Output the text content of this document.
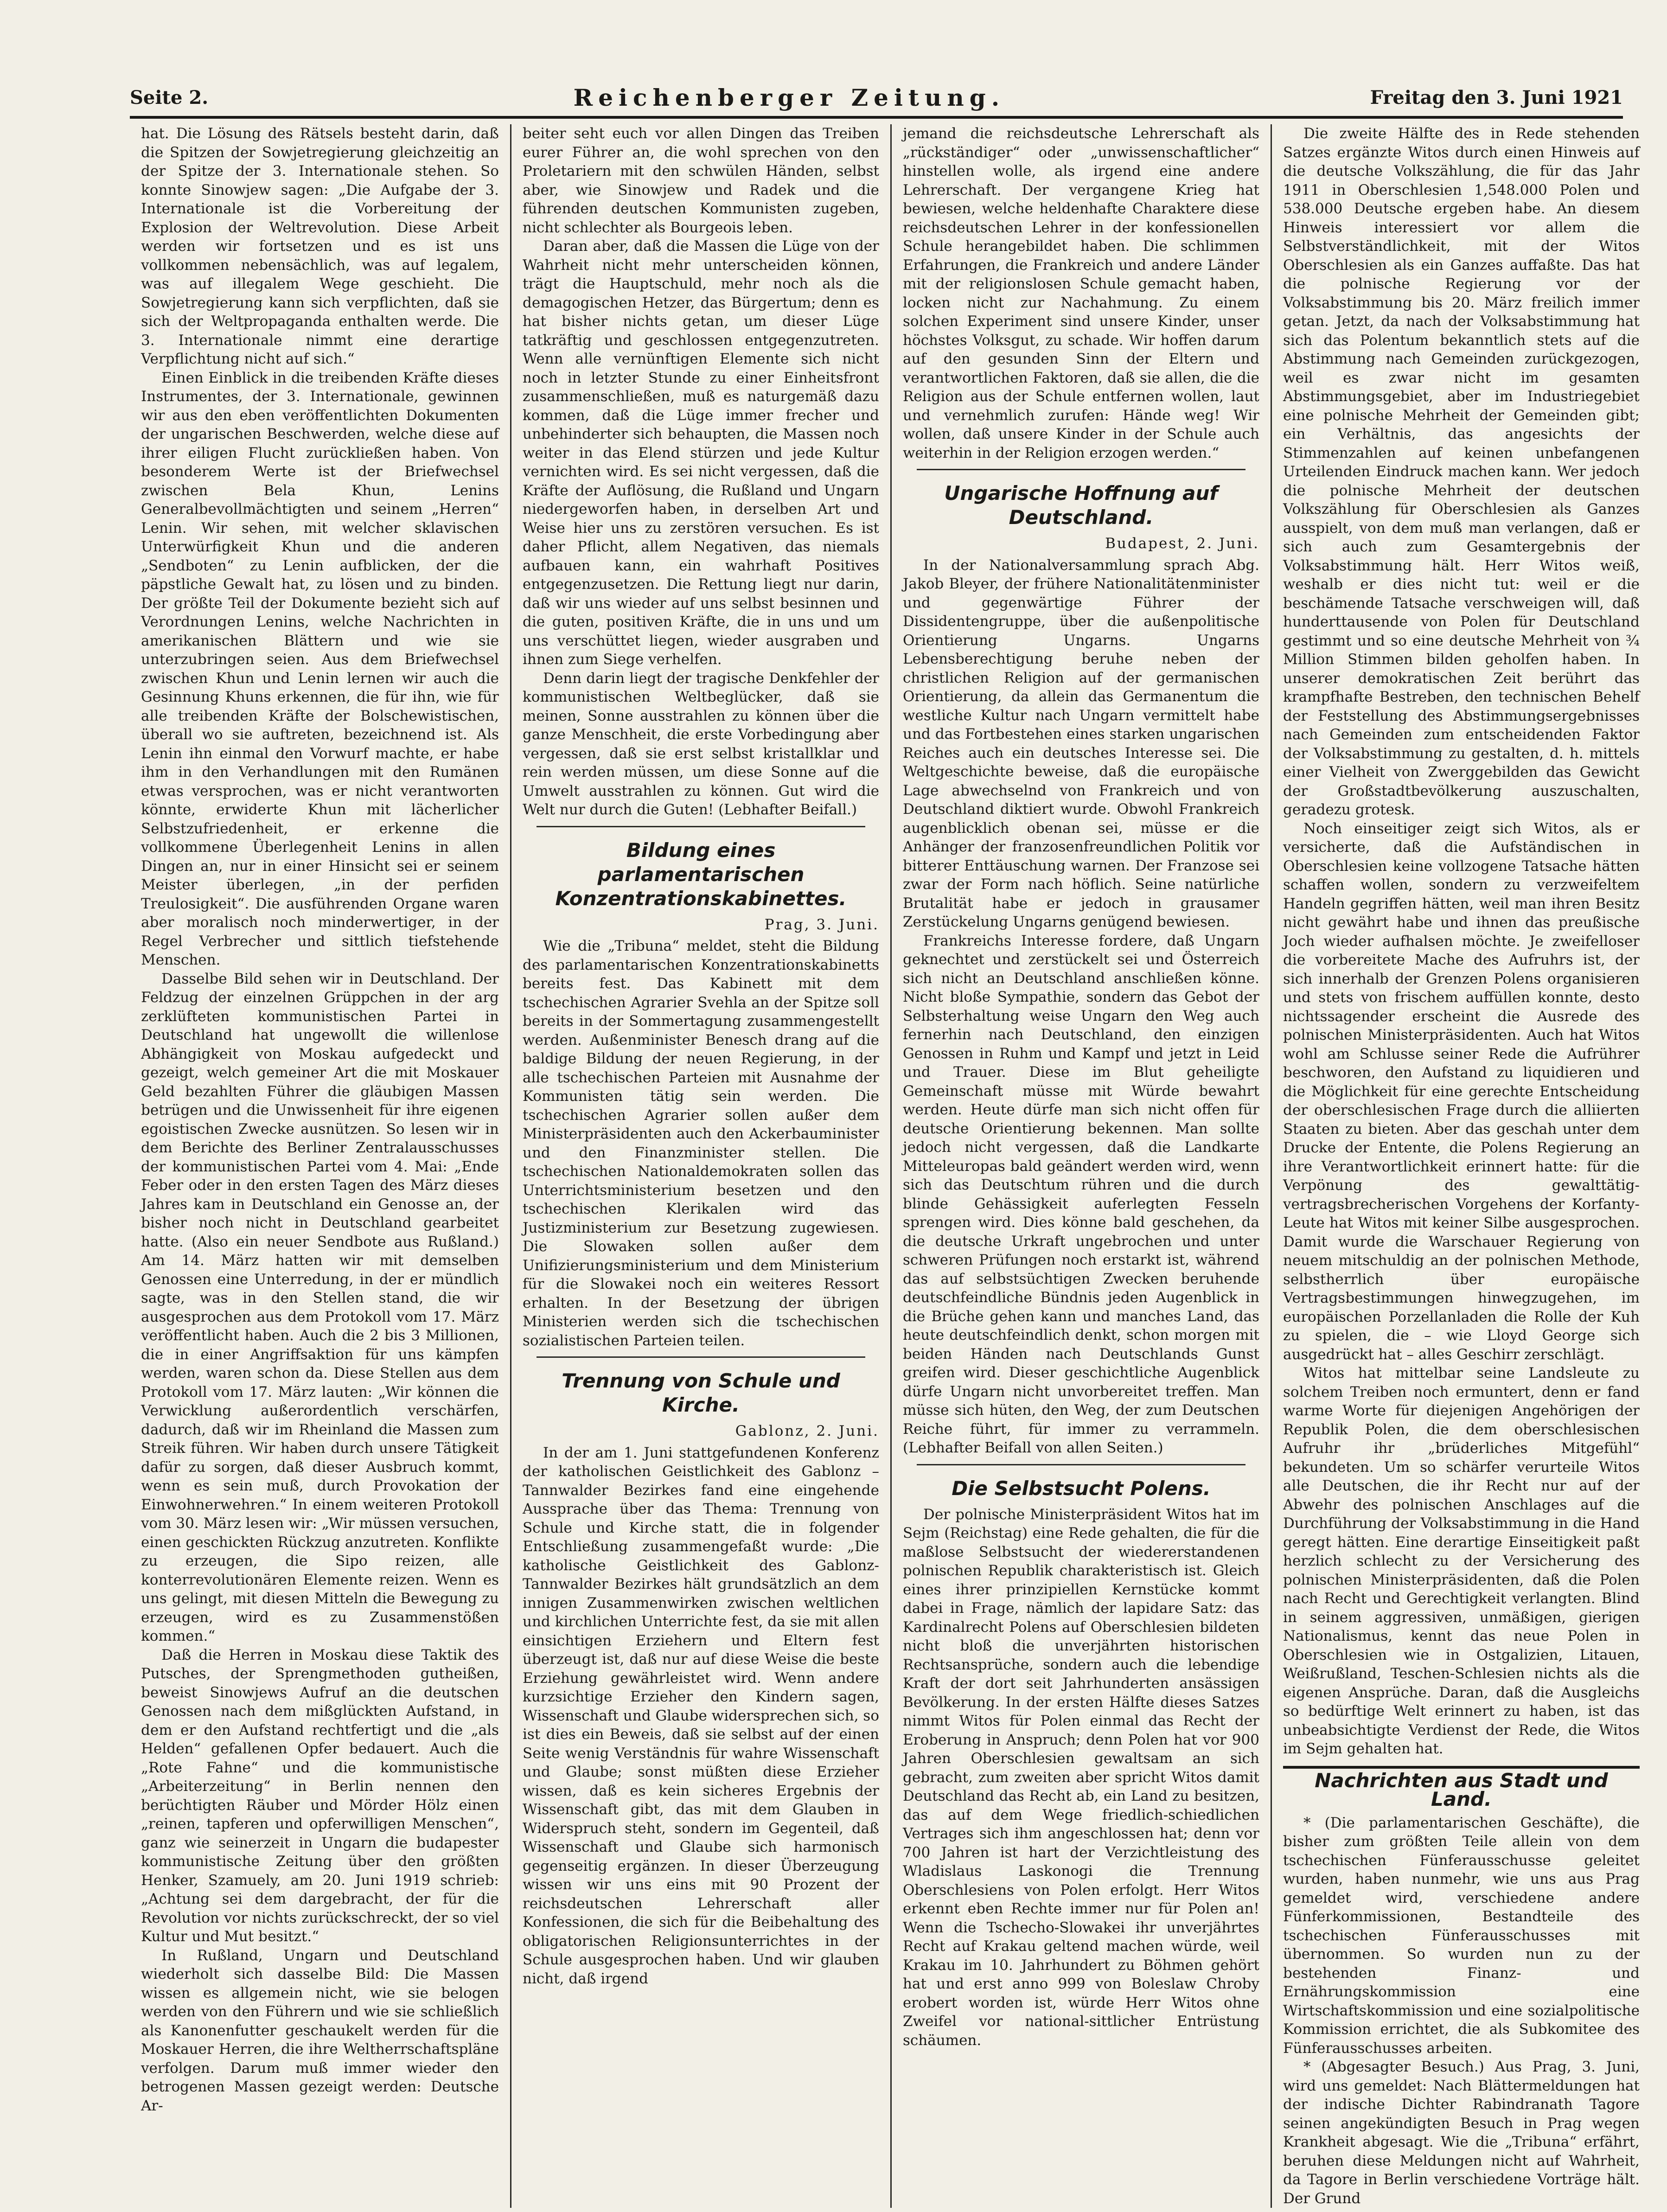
Seite 2.	Reichenberger Zeitung.	Freitag den 3. Juni 1921

hat. Die Lösung des Rätsels besteht darin, daß die Spitzen der Sowjetregierung gleichzeitig an der Spitze der 3. Internationale stehen. So konnte Sinowjew sagen: „Die Aufgabe der 3. Internationale ist die Vorbereitung der Explosion der Weltrevolution. Diese Arbeit werden wir fortsetzen und es ist uns vollkommen nebensächlich, was auf legalem, was auf illegalem Wege geschieht. Die Sowjetregierung kann sich verpflichten, daß sie sich der Weltpropaganda enthalten werde. Die 3. Internationale nimmt eine derartige Verpflichtung nicht auf sich.“

Einen Einblick in die treibenden Kräfte dieses Instrumentes, der 3. Internationale, gewinnen wir aus den eben veröffentlichten Dokumenten der ungarischen Beschwerden, welche diese auf ihrer eiligen Flucht zurückließen haben. Von besonderem Werte ist der Briefwechsel zwischen Bela Khun, Lenins Generalbevollmächtigten und seinem „Herren“ Lenin. Wir sehen, mit welcher sklavischen Unterwürfigkeit Khun und die anderen „Sendboten“ zu Lenin aufblicken, der die päpstliche Gewalt hat, zu lösen und zu binden. Der größte Teil der Dokumente bezieht sich auf Verordnungen Lenins, welche Nachrichten in amerikanischen Blättern und wie sie unterzubringen seien. Aus dem Briefwechsel zwischen Khun und Lenin lernen wir auch die Gesinnung Khuns erkennen, die für ihn, wie für alle treibenden Kräfte der Bolschewistischen, überall wo sie auftreten, bezeichnend ist. Als Lenin ihn einmal den Vorwurf machte, er habe ihm in den Verhandlungen mit den Rumänen etwas versprochen, was er nicht verantworten könnte, erwiderte Khun mit lächerlicher Selbstzufriedenheit, er erkenne die vollkommene Überlegenheit Lenins in allen Dingen an, nur in einer Hinsicht sei er seinem Meister überlegen, „in der perfiden Treulosigkeit“. Die ausführenden Organe waren aber moralisch noch minderwertiger, in der Regel Verbrecher und sittlich tiefstehende Menschen.

Dasselbe Bild sehen wir in Deutschland. Der Feldzug der einzelnen Grüppchen in der arg zerklüfteten kommunistischen Partei in Deutschland hat ungewollt die willenlose Abhängigkeit von Moskau aufgedeckt und gezeigt, welch gemeiner Art die mit Moskauer Geld bezahlten Führer die gläubigen Massen betrügen und die Unwissenheit für ihre eigenen egoistischen Zwecke ausnützen. So lesen wir in dem Berichte des Berliner Zentralausschusses der kommunistischen Partei vom 4. Mai: „Ende Feber oder in den ersten Tagen des März dieses Jahres kam in Deutschland ein Genosse an, der bisher noch nicht in Deutschland gearbeitet hatte. (Also ein neuer Sendbote aus Rußland.) Am 14. März hatten wir mit demselben Genossen eine Unterredung, in der er mündlich sagte, was in den Stellen stand, die wir ausgesprochen aus dem Protokoll vom 17. März veröffentlicht haben. Auch die 2 bis 3 Millionen, die in einer Angriffsaktion für uns kämpfen werden, waren schon da. Diese Stellen aus dem Protokoll vom 17. März lauten: „Wir können die Verwicklung außerordentlich verschärfen, dadurch, daß wir im Rheinland die Massen zum Streik führen. Wir haben durch unsere Tätigkeit dafür zu sorgen, daß dieser Ausbruch kommt, wenn es sein muß, durch Provokation der Einwohnerwehren.“ In einem weiteren Protokoll vom 30. März lesen wir: „Wir müssen versuchen, einen geschickten Rückzug anzutreten. Konflikte zu erzeugen, die Sipo reizen, alle konterrevolutionären Elemente reizen. Wenn es uns gelingt, mit diesen Mitteln die Bewegung zu erzeugen, wird es zu Zusammenstößen kommen.“

Daß die Herren in Moskau diese Taktik des Putsches, der Sprengmethoden gutheißen, beweist Sinowjews Aufruf an die deutschen Genossen nach dem mißglückten Aufstand, in dem er den Aufstand rechtfertigt und die „als Helden“ gefallenen Opfer bedauert. Auch die „Rote Fahne“ und die kommunistische „Arbeiterzeitung“ in Berlin nennen den berüchtigten Räuber und Mörder Hölz einen „reinen, tapferen und opferwilligen Menschen“, ganz wie seinerzeit in Ungarn die budapester kommunistische Zeitung über den größten Henker, Szamuely, am 20. Juni 1919 schrieb: „Achtung sei dem dargebracht, der für die Revolution vor nichts zurückschreckt, der so viel Kultur und Mut besitzt.“

In Rußland, Ungarn und Deutschland wiederholt sich dasselbe Bild: Die Massen wissen es allgemein nicht, wie sie belogen werden von den Führern und wie sie schließlich als Kanonenfutter geschaukelt werden für die Moskauer Herren, die ihre Weltherrschaftspläne verfolgen. Darum muß immer wieder den betrogenen Massen gezeigt werden: Deutsche Ar-

beiter seht euch vor allen Dingen das Treiben eurer Führer an, die wohl sprechen von den Proletariern mit den schwülen Händen, selbst aber, wie Sinowjew und Radek und die führenden deutschen Kommunisten zugeben, nicht schlechter als Bourgeois leben.

Daran aber, daß die Massen die Lüge von der Wahrheit nicht mehr unterscheiden können, trägt die Hauptschuld, mehr noch als die demagogischen Hetzer, das Bürgertum; denn es hat bisher nichts getan, um dieser Lüge tatkräftig und geschlossen entgegenzutreten. Wenn alle vernünftigen Elemente sich nicht noch in letzter Stunde zu einer Einheitsfront zusammenschließen, muß es naturgemäß dazu kommen, daß die Lüge immer frecher und unbehinderter sich behaupten, die Massen noch weiter in das Elend stürzen und jede Kultur vernichten wird. Es sei nicht vergessen, daß die Kräfte der Auflösung, die Rußland und Ungarn niedergeworfen haben, in derselben Art und Weise hier uns zu zerstören versuchen. Es ist daher Pflicht, allem Negativen, das niemals aufbauen kann, ein wahrhaft Positives entgegenzusetzen. Die Rettung liegt nur darin, daß wir uns wieder auf uns selbst besinnen und die guten, positiven Kräfte, die in uns und um uns verschüttet liegen, wieder ausgraben und ihnen zum Siege verhelfen.

Denn darin liegt der tragische Denkfehler der kommunistischen Weltbeglücker, daß sie meinen, Sonne ausstrahlen zu können über die ganze Menschheit, die erste Vorbedingung aber vergessen, daß sie erst selbst kristallklar und rein werden müssen, um diese Sonne auf die Umwelt ausstrahlen zu können. Gut wird die Welt nur durch die Guten! (Lebhafter Beifall.)

Bildung eines parlamentarischen Konzentrationskabinettes.
Prag, 3. Juni.

Wie die „Tribuna“ meldet, steht die Bildung des parlamentarischen Konzentrationskabinetts bereits fest. Das Kabinett mit dem tschechischen Agrarier Svehla an der Spitze soll bereits in der Sommertagung zusammengestellt werden. Außenminister Benesch drang auf die baldige Bildung der neuen Regierung, in der alle tschechischen Parteien mit Ausnahme der Kommunisten tätig sein werden. Die tschechischen Agrarier sollen außer dem Ministerpräsidenten auch den Ackerbauminister und den Finanzminister stellen. Die tschechischen Nationaldemokraten sollen das Unterrichtsministerium besetzen und den tschechischen Klerikalen wird das Justizministerium zur Besetzung zugewiesen. Die Slowaken sollen außer dem Unifizierungsministerium und dem Ministerium für die Slowakei noch ein weiteres Ressort erhalten. In der Besetzung der übrigen Ministerien werden sich die tschechischen sozialistischen Parteien teilen.

Trennung von Schule und Kirche.
Gablonz, 2. Juni.

In der am 1. Juni stattgefundenen Konferenz der katholischen Geistlichkeit des Gablonz – Tannwalder Bezirkes fand eine eingehende Aussprache über das Thema: Trennung von Schule und Kirche statt, die in folgender Entschließung zusammengefaßt wurde: „Die katholische Geistlichkeit des Gablonz-Tannwalder Bezirkes hält grundsätzlich an dem innigen Zusammenwirken zwischen weltlichen und kirchlichen Unterrichte fest, da sie mit allen einsichtigen Erziehern und Eltern fest überzeugt ist, daß nur auf diese Weise die beste Erziehung gewährleistet wird. Wenn andere kurzsichtige Erzieher den Kindern sagen, Wissenschaft und Glaube widersprechen sich, so ist dies ein Beweis, daß sie selbst auf der einen Seite wenig Verständnis für wahre Wissenschaft und Glaube; sonst müßten diese Erzieher wissen, daß es kein sicheres Ergebnis der Wissenschaft gibt, das mit dem Glauben in Widerspruch steht, sondern im Gegenteil, daß Wissenschaft und Glaube sich harmonisch gegenseitig ergänzen. In dieser Überzeugung wissen wir uns eins mit 90 Prozent der reichsdeutschen Lehrerschaft aller Konfessionen, die sich für die Beibehaltung des obligatorischen Religionsunterrichtes in der Schule ausgesprochen haben. Und wir glauben nicht, daß irgend

jemand die reichsdeutsche Lehrerschaft als „rückständiger“ oder „unwissenschaftlicher“ hinstellen wolle, als irgend eine andere Lehrerschaft. Der vergangene Krieg hat bewiesen, welche heldenhafte Charaktere diese reichsdeutschen Lehrer in der konfessionellen Schule herangebildet haben. Die schlimmen Erfahrungen, die Frankreich und andere Länder mit der religionslosen Schule gemacht haben, locken nicht zur Nachahmung. Zu einem solchen Experiment sind unsere Kinder, unser höchstes Volksgut, zu schade. Wir hoffen darum auf den gesunden Sinn der Eltern und verantwortlichen Faktoren, daß sie allen, die die Religion aus der Schule entfernen wollen, laut und vernehmlich zurufen: Hände weg! Wir wollen, daß unsere Kinder in der Schule auch weiterhin in der Religion erzogen werden.“

Ungarische Hoffnung auf Deutschland.
Budapest, 2. Juni.

In der Nationalversammlung sprach Abg. Jakob Bleyer, der frühere Nationalitätenminister und gegenwärtige Führer der Dissidentengruppe, über die außenpolitische Orientierung Ungarns. Ungarns Lebensberechtigung beruhe neben der christlichen Religion auf der germanischen Orientierung, da allein das Germanentum die westliche Kultur nach Ungarn vermittelt habe und das Fortbestehen eines starken ungarischen Reiches auch ein deutsches Interesse sei. Die Weltgeschichte beweise, daß die europäische Lage abwechselnd von Frankreich und von Deutschland diktiert wurde. Obwohl Frankreich augenblicklich obenan sei, müsse er die Anhänger der franzosenfreundlichen Politik vor bitterer Enttäuschung warnen. Der Franzose sei zwar der Form nach höflich. Seine natürliche Brutalität habe er jedoch in grausamer Zerstückelung Ungarns genügend bewiesen.

Frankreichs Interesse fordere, daß Ungarn geknechtet und zerstückelt sei und Österreich sich nicht an Deutschland anschließen könne. Nicht bloße Sympathie, sondern das Gebot der Selbsterhaltung weise Ungarn den Weg auch fernerhin nach Deutschland, den einzigen Genossen in Ruhm und Kampf und jetzt in Leid und Trauer. Diese im Blut geheiligte Gemeinschaft müsse mit Würde bewahrt werden. Heute dürfe man sich nicht offen für deutsche Orientierung bekennen. Man sollte jedoch nicht vergessen, daß die Landkarte Mitteleuropas bald geändert werden wird, wenn sich das Deutschtum rühren und die durch blinde Gehässigkeit auferlegten Fesseln sprengen wird. Dies könne bald geschehen, da die deutsche Urkraft ungebrochen und unter schweren Prüfungen noch erstarkt ist, während das auf selbstsüchtigen Zwecken beruhende deutschfeindliche Bündnis jeden Augenblick in die Brüche gehen kann und manches Land, das heute deutschfeindlich denkt, schon morgen mit beiden Händen nach Deutschlands Gunst greifen wird. Dieser geschichtliche Augenblick dürfe Ungarn nicht unvorbereitet treffen. Man müsse sich hüten, den Weg, der zum Deutschen Reiche führt, für immer zu verrammeln. (Lebhafter Beifall von allen Seiten.)

Die Selbstsucht Polens.

Der polnische Ministerpräsident Witos hat im Sejm (Reichstag) eine Rede gehalten, die für die maßlose Selbstsucht der wiedererstandenen polnischen Republik charakteristisch ist. Gleich eines ihrer prinzipiellen Kernstücke kommt dabei in Frage, nämlich der lapidare Satz: das Kardinalrecht Polens auf Oberschlesien bildeten nicht bloß die unverjährten historischen Rechtsansprüche, sondern auch die lebendige Kraft der dort seit Jahrhunderten ansässigen Bevölkerung. In der ersten Hälfte dieses Satzes nimmt Witos für Polen einmal das Recht der Eroberung in Anspruch; denn Polen hat vor 900 Jahren Oberschlesien gewaltsam an sich gebracht, zum zweiten aber spricht Witos damit Deutschland das Recht ab, ein Land zu besitzen, das auf dem Wege friedlich-schiedlichen Vertrages sich ihm angeschlossen hat; denn vor 700 Jahren ist hart der Verzichtleistung des Wladislaus Laskonogi die Trennung Oberschlesiens von Polen erfolgt. Herr Witos erkennt eben Rechte immer nur für Polen an! Wenn die Tschecho-Slowakei ihr unverjährtes Recht auf Krakau geltend machen würde, weil Krakau im 10. Jahrhundert zu Böhmen gehört hat und erst anno 999 von Boleslaw Chroby erobert worden ist, würde Herr Witos ohne Zweifel vor national-sittlicher Entrüstung schäumen.

Die zweite Hälfte des in Rede stehenden Satzes ergänzte Witos durch einen Hinweis auf die deutsche Volkszählung, die für das Jahr 1911 in Oberschlesien 1,548.000 Polen und 538.000 Deutsche ergeben habe. An diesem Hinweis interessiert vor allem die Selbstverständlichkeit, mit der Witos Oberschlesien als ein Ganzes auffaßte. Das hat die polnische Regierung vor der Volksabstimmung bis 20. März freilich immer getan. Jetzt, da nach der Volksabstimmung hat sich das Polentum bekanntlich stets auf die Abstimmung nach Gemeinden zurückgezogen, weil es zwar nicht im gesamten Abstimmungsgebiet, aber im Industriegebiet eine polnische Mehrheit der Gemeinden gibt; ein Verhältnis, das angesichts der Stimmenzahlen auf keinen unbefangenen Urteilenden Eindruck machen kann. Wer jedoch die polnische Mehrheit der deutschen Volkszählung für Oberschlesien als Ganzes ausspielt, von dem muß man verlangen, daß er sich auch zum Gesamtergebnis der Volksabstimmung hält. Herr Witos weiß, weshalb er dies nicht tut: weil er die beschämende Tatsache verschweigen will, daß hunderttausende von Polen für Deutschland gestimmt und so eine deutsche Mehrheit von ¾ Million Stimmen bilden geholfen haben. In unserer demokratischen Zeit berührt das krampfhafte Bestreben, den technischen Behelf der Feststellung des Abstimmungsergebnisses nach Gemeinden zum entscheidenden Faktor der Volksabstimmung zu gestalten, d. h. mittels einer Vielheit von Zwerggebilden das Gewicht der Großstadtbevölkerung auszuschalten, geradezu grotesk.

Noch einseitiger zeigt sich Witos, als er versicherte, daß die Aufständischen in Oberschlesien keine vollzogene Tatsache hätten schaffen wollen, sondern zu verzweifeltem Handeln gegriffen hätten, weil man ihren Besitz nicht gewährt habe und ihnen das preußische Joch wieder aufhalsen möchte. Je zweifelloser die vorbereitete Mache des Aufruhrs ist, der sich innerhalb der Grenzen Polens organisieren und stets von frischem auffüllen konnte, desto nichtssagender erscheint die Ausrede des polnischen Ministerpräsidenten. Auch hat Witos wohl am Schlusse seiner Rede die Aufrührer beschworen, den Aufstand zu liquidieren und die Möglichkeit für eine gerechte Entscheidung der oberschlesischen Frage durch die alliierten Staaten zu bieten. Aber das geschah unter dem Drucke der Entente, die Polens Regierung an ihre Verantwortlichkeit erinnert hatte: für die Verpönung des gewalttätig-vertragsbrecherischen Vorgehens der Korfanty-Leute hat Witos mit keiner Silbe ausgesprochen. Damit wurde die Warschauer Regierung von neuem mitschuldig an der polnischen Methode, selbstherrlich über europäische Vertragsbestimmungen hinwegzugehen, im europäischen Porzellanladen die Rolle der Kuh zu spielen, die – wie Lloyd George sich ausgedrückt hat – alles Geschirr zerschlägt.

Witos hat mittelbar seine Landsleute zu solchem Treiben noch ermuntert, denn er fand warme Worte für diejenigen Angehörigen der Republik Polen, die dem oberschlesischen Aufruhr ihr „brüderliches Mitgefühl“ bekundeten. Um so schärfer verurteile Witos alle Deutschen, die ihr Recht nur auf der Abwehr des polnischen Anschlages auf die Durchführung der Volksabstimmung in die Hand geregt hätten. Eine derartige Einseitigkeit paßt herzlich schlecht zu der Versicherung des polnischen Ministerpräsidenten, daß die Polen nach Recht und Gerechtigkeit verlangten. Blind in seinem aggressiven, unmäßigen, gierigen Nationalismus, kennt das neue Polen in Oberschlesien wie in Ostgalizien, Litauen, Weißrußland, Teschen-Schlesien nichts als die eigenen Ansprüche. Daran, daß die Ausgleichs so bedürftige Welt erinnert zu haben, ist das unbeabsichtigte Verdienst der Rede, die Witos im Sejm gehalten hat.

Nachrichten aus Stadt und Land.

* (Die parlamentarischen Geschäfte), die bisher zum größten Teile allein von dem tschechischen Fünferausschusse geleitet wurden, haben nunmehr, wie uns aus Prag gemeldet wird, verschiedene andere Fünferkommissionen, Bestandteile des tschechischen Fünferausschusses mit übernommen. So wurden nun zu der bestehenden Finanz- und Ernährungskommission eine Wirtschaftskommission und eine sozialpolitische Kommission errichtet, die als Subkomitee des Fünferausschusses arbeiten.

* (Abgesagter Besuch.) Aus Prag, 3. Juni, wird uns gemeldet: Nach Blättermeldungen hat der indische Dichter Rabindranath Tagore seinen angekündigten Besuch in Prag wegen Krankheit abgesagt. Wie die „Tribuna“ erfährt, beruhen diese Meldungen nicht auf Wahrheit, da Tagore in Berlin verschiedene Vorträge hält. Der Grund
